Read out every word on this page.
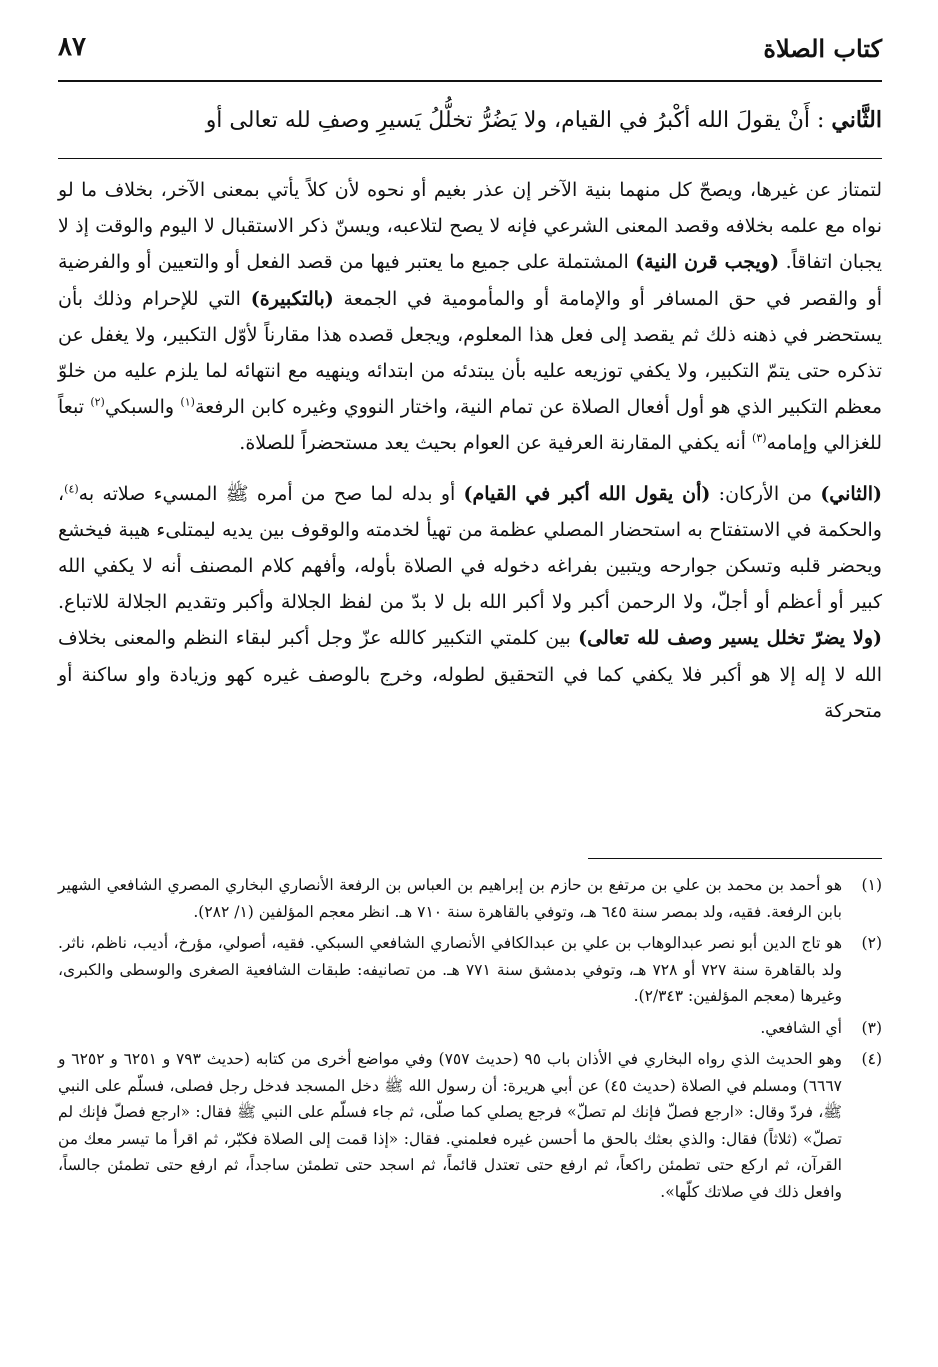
كتاب الصلاة
٨٧
الثَّاني : أَنْ يقولَ الله أكْبرُ في القيام، ولا يَضُرُّ تخلُّلُ يَسيرِ وصفِ لله تعالى أو

لتمتاز عن غيرها، ويصحّ كل منهما بنية الآخر إن عذر بغيم أو نحوه لأن كلاً يأتي بمعنى الآخر، بخلاف ما لو نواه مع علمه بخلافه وقصد المعنى الشرعي فإنه لا يصح لتلاعبه، ويسنّ ذكر الاستقبال لا اليوم والوقت إذ لا يجبان اتفاقاً. (ويجب قرن النية) المشتملة على جميع ما يعتبر فيها من قصد الفعل أو والتعيين أو والفرضية أو والقصر في حق المسافر أو والإمامة أو والمأمومية في الجمعة (بالتكبيرة) التي للإحرام وذلك بأن يستحضر في ذهنه ذلك ثم يقصد إلى فعل هذا المعلوم، ويجعل قصده هذا مقارناً لأوّل التكبير، ولا يغفل عن تذكره حتى يتمّ التكبير، ولا يكفي توزيعه عليه بأن يبتدئه من ابتدائه وينهيه مع انتهائه لما يلزم عليه من خلوّ معظم التكبير الذي هو أول أفعال الصلاة عن تمام النية، واختار النووي وغيره كابن الرفعة$^{(١)}$ والسبكي$^{(٢)}$ تبعاً للغزالي وإمامه$^{(٣)}$ أنه يكفي المقارنة العرفية عن العوام بحيث يعد مستحضراً للصلاة.

(الثاني) من الأركان: (أن يقول الله أكبر في القيام) أو بدله لما صح من أمره ﷺ المسيء صلاته به$^{(٤)}$، والحكمة في الاستفتاح به استحضار المصلي عظمة من تهيأ لخدمته والوقوف بين يديه ليمتلىء هيبة فيخشع ويحضر قلبه وتسكن جوارحه ويتبين بفراغه دخوله في الصلاة بأوله، وأفهم كلام المصنف أنه لا يكفي الله كبير أو أعظم أو أجلّ، ولا الرحمن أكبر ولا أكبر الله بل لا بدّ من لفظ الجلالة وأكبر وتقديم الجلالة للاتباع. (ولا يضرّ تخلل يسير وصف لله تعالى) بين كلمتي التكبير كالله عزّ وجل أكبر لبقاء النظم والمعنى بخلاف الله لا إله إلا هو أكبر فلا يكفي كما في التحقيق لطوله، وخرج بالوصف غيره كهو وزيادة واو ساكنة أو متحركة

(١)
هو أحمد بن محمد بن علي بن مرتفع بن حازم بن إبراهيم بن العباس بن الرفعة الأنصاري البخاري المصري الشافعي الشهير بابن الرفعة. فقيه، ولد بمصر سنة ٦٤٥ هـ، وتوفي بالقاهرة سنة ٧١٠ هـ. انظر معجم المؤلفين (١/ ٢٨٢).
(٢)
هو تاج الدين أبو نصر عبدالوهاب بن علي بن عبدالكافي الأنصاري الشافعي السبكي. فقيه، أصولي، مؤرخ، أديب، ناظم، ناثر. ولد بالقاهرة سنة ٧٢٧ أو ٧٢٨ هـ، وتوفي بدمشق سنة ٧٧١ هـ. من تصانيفه: طبقات الشافعية الصغرى والوسطى والكبرى، وغيرها (معجم المؤلفين: ٢/٣٤٣).
(٣)
أي الشافعي.
(٤)
وهو الحديث الذي رواه البخاري في الأذان باب ٩٥ (حديث ٧٥٧) وفي مواضع أخرى من كتابه (حديث ٧٩٣ و ٦٢٥١ و ٦٢٥٢ و ٦٦٦٧) ومسلم في الصلاة (حديث ٤٥) عن أبي هريرة: أن رسول الله ﷺ دخل المسجد فدخل رجل فصلى، فسلّم على النبي ﷺ، فردّ وقال: «ارجع فصلّ فإنك لم تصلّ» فرجع يصلي كما صلّى، ثم جاء فسلّم على النبي ﷺ فقال: «ارجع فصلّ فإنك لم تصلّ» (ثلاثاً) فقال: والذي بعثك بالحق ما أحسن غيره فعلمني. فقال: «إذا قمت إلى الصلاة فكبّر، ثم اقرأ ما تيسر معك من القرآن، ثم اركع حتى تطمئن راكعاً، ثم ارفع حتى تعتدل قائماً، ثم اسجد حتى تطمئن ساجداً، ثم ارفع حتى تطمئن جالساً، وافعل ذلك في صلاتك كلّها».
